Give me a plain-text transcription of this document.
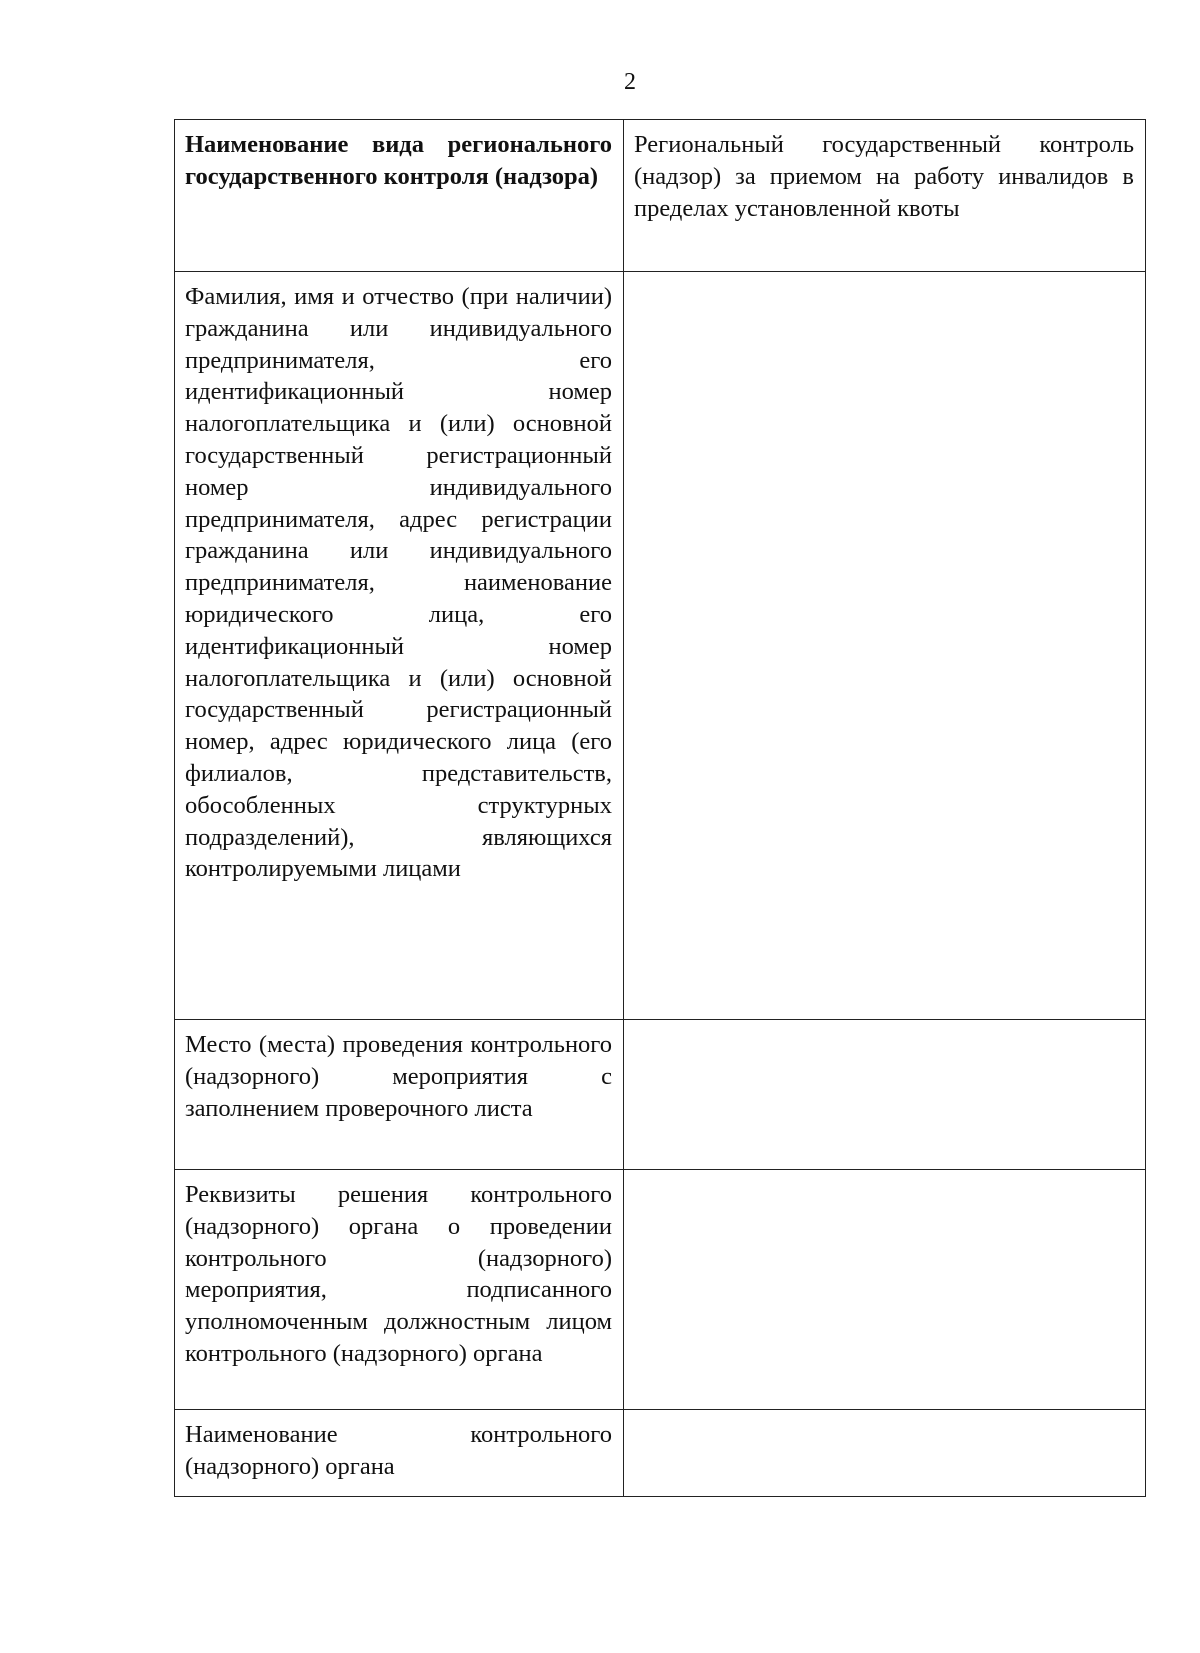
2
Наименование вида регионального государственного контроля (надзора)	Региональный государственный контроль (надзор) за приемом на работу инвалидов в пределах установленной квоты
Фамилия, имя и отчество (при наличии) гражданина или индивидуального предпринимателя, его идентификационный номер налогоплательщика и (или) основной государственный регистрационный номер индивидуального предпринимателя, адрес регистрации гражданина или индивидуального предпринимателя, наименование юридического лица, его идентификационный номер налогоплательщика и (или) основной государственный регистрационный номер, адрес юридического лица (его филиалов, представительств, обособленных структурных подразделений), являющихся контролируемыми лицами	
Место (места) проведения контрольного (надзорного) мероприятия с заполнением проверочного листа	
Реквизиты решения контрольного (надзорного) органа о проведении контрольного (надзорного) мероприятия, подписанного уполномоченным должностным лицом контрольного (надзорного) органа	
Наименование контрольного (надзорного) органа	
